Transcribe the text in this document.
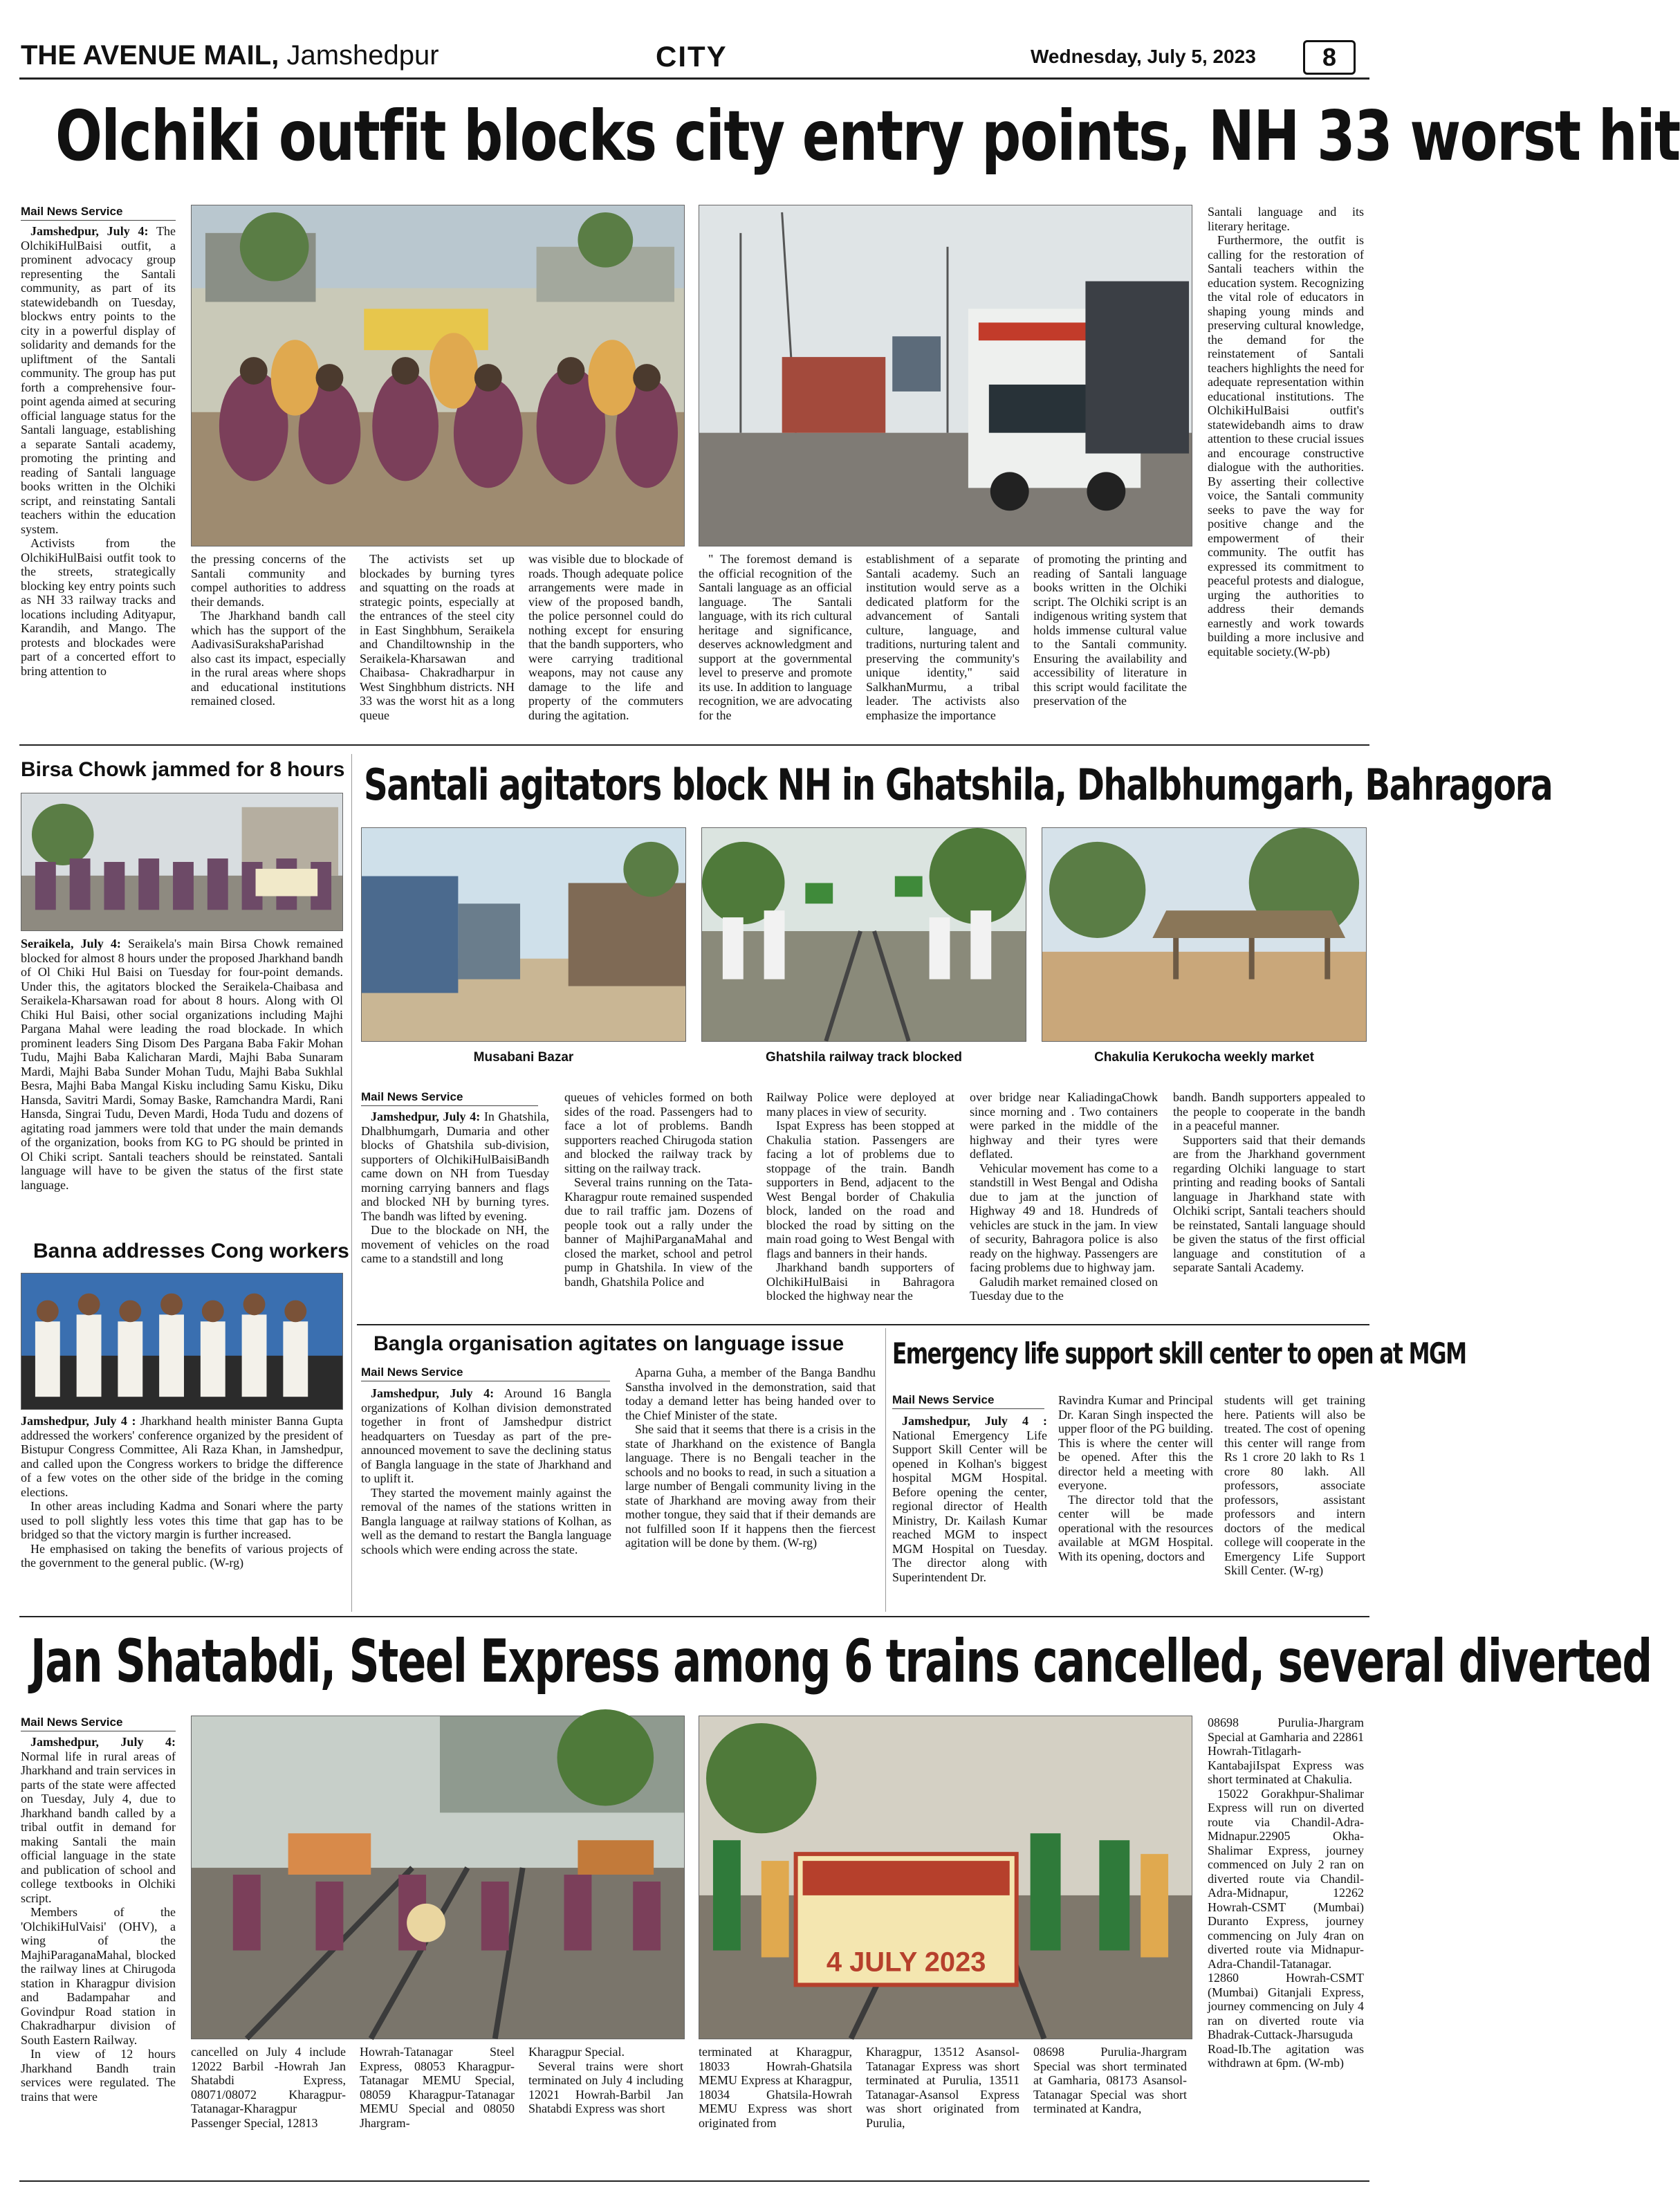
THE AVENUE MAIL, Jamshedpur	CITY	Wednesday, July 5, 2023	8
Olchiki outfit blocks city entry points, NH 33 worst hit
Mail News Service

Jamshedpur, July 4: The OlchikiHulBaisi outfit, a prominent advocacy group representing the Santali community, as part of its statewidebandh on Tuesday, blockws entry points to the city in a powerful display of solidarity and demands for the upliftment of the Santali community. The group has put forth a comprehensive four-point agenda aimed at securing official language status for the Santali language, establishing a separate Santali academy, promoting the printing and reading of Santali language books written in the Olchiki script, and reinstating Santali teachers within the education system.

Activists from the OlchikiHulBaisi outfit took to the streets, strategically blocking key entry points such as NH 33 railway tracks and locations including Adityapur, Karandih, and Mango. The protests and blockades were part of a concerted effort to bring attention to

the pressing concerns of the Santali community and compel authorities to address their demands.

The Jharkhand bandh call which has the support of the AadivasiSurakshaParishad also cast its impact, especially in the rural areas where shops and educational institutions remained closed.

The activists set up blockades by burning tyres and squatting on the roads at strategic points, especially at the entrances of the steel city in East Singhbhum, Seraikela and Chandiltownship in the Seraikela-Kharsawan and Chaibasa- Chakradharpur in West Singhbhum districts. NH 33 was the worst hit as a long queue

was visible due to blockade of roads. Though adequate police arrangements were made in view of the proposed bandh, the police personnel could do nothing except for ensuring that the bandh supporters, who were carrying traditional weapons, may not cause any damage to the life and property of the commuters during the agitation.

" The foremost demand is the official recognition of the Santali language as an official language. The Santali language, with its rich cultural heritage and significance, deserves acknowledgment and support at the governmental level to preserve and promote its use. In addition to language recognition, we are advocating for the

establishment of a separate Santali academy. Such an institution would serve as a dedicated platform for the advancement of Santali culture, language, and traditions, nurturing talent and preserving the community's unique identity," said SalkhanMurmu, a tribal leader. The activists also emphasize the importance

of promoting the printing and reading of Santali language books written in the Olchiki script. The Olchiki script is an indigenous writing system that holds immense cultural value to the Santali community. Ensuring the availability and accessibility of literature in this script would facilitate the preservation of the

Santali language and its literary heritage.

Furthermore, the outfit is calling for the restoration of Santali teachers within the education system. Recognizing the vital role of educators in shaping young minds and preserving cultural knowledge, the demand for the reinstatement of Santali teachers highlights the need for adequate representation within educational institutions. The OlchikiHulBaisi outfit's statewidebandh aims to draw attention to these crucial issues and encourage constructive dialogue with the authorities. By asserting their collective voice, the Santali community seeks to pave the way for positive change and the empowerment of their community. The outfit has expressed its commitment to peaceful protests and dialogue, urging the authorities to address their demands earnestly and work towards building a more inclusive and equitable society.(W-pb)

Birsa Chowk jammed for 8 hours

Seraikela, July 4: Seraikela's main Birsa Chowk remained blocked for almost 8 hours under the proposed Jharkhand bandh of Ol Chiki Hul Baisi on Tuesday for four-point demands. Under this, the agitators blocked the Seraikela-Chaibasa and Seraikela-Kharsawan road for about 8 hours. Along with Ol Chiki Hul Baisi, other social organizations including Majhi Pargana Mahal were leading the road blockade. In which prominent leaders Sing Disom Des Pargana Baba Fakir Mohan Tudu, Majhi Baba Kalicharan Mardi, Majhi Baba Sunaram Mardi, Majhi Baba Sunder Mohan Tudu, Majhi Baba Sukhlal Besra, Majhi Baba Mangal Kisku including Samu Kisku, Diku Hansda, Savitri Mardi, Somay Baske, Ramchandra Mardi, Rani Hansda, Singrai Tudu, Deven Mardi, Hoda Tudu and dozens of agitating road jammers were told that under the main demands of the organization, books from KG to PG should be printed in Ol Chiki script. Santali teachers should be reinstated. Santali language will have to be given the status of the first state language.

Banna addresses Cong workers

Jamshedpur, July 4 : Jharkhand health minister Banna Gupta addressed the workers' conference organized by the president of Bistupur Congress Committee, Ali Raza Khan, in Jamshedpur, and called upon the Congress workers to bridge the difference of a few votes on the other side of the bridge in the coming elections.

In other areas including Kadma and Sonari where the party used to poll slightly less votes this time that gap has to be bridged so that the victory margin is further increased.

He emphasised on taking the benefits of various projects of the government to the general public. (W-rg)

Santali agitators block NH in Ghatshila, Dhalbhumgarh, Bahragora
Musabani Bazar	Ghatshila railway track blocked	Chakulia Kerukocha weekly market
Mail News Service

Jamshedpur, July 4: In Ghatshila, Dhalbhumgarh, Dumaria and other blocks of Ghatshila sub-division, supporters of OlchikiHulBaisiBandh came down on NH from Tuesday morning carrying banners and flags and blocked NH by burning tyres. The bandh was lifted by evening.

Due to the blockade on NH, the movement of vehicles on the road came to a standstill and long

queues of vehicles formed on both sides of the road. Passengers had to face a lot of problems. Bandh supporters reached Chirugoda station and blocked the railway track by sitting on the railway track.

Several trains running on the Tata-Kharagpur route remained suspended due to rail traffic jam. Dozens of people took out a rally under the banner of MajhiParganaMahal and closed the market, school and petrol pump in Ghatshila. In view of the bandh, Ghatshila Police and

Railway Police were deployed at many places in view of security.

Ispat Express has been stopped at Chakulia station. Passengers are facing a lot of problems due to stoppage of the train. Bandh supporters in Bend, adjacent to the West Bengal border of Chakulia block, landed on the road and blocked the road by sitting on the main road going to West Bengal with flags and banners in their hands.

Jharkhand bandh supporters of OlchikiHulBaisi in Bahragora blocked the highway near the

over bridge near KaliadingaChowk since morning and . Two containers were parked in the middle of the highway and their tyres were deflated.

Vehicular movement has come to a standstill in West Bengal and Odisha due to jam at the junction of Highway 49 and 18. Hundreds of vehicles are stuck in the jam. In view of security, Bahragora police is also ready on the highway. Passengers are facing problems due to highway jam.

Galudih market remained closed on Tuesday due to the

bandh. Bandh supporters appealed to the people to cooperate in the bandh in a peaceful manner.

Supporters said that their demands are from the Jharkhand government regarding Olchiki language to start printing and reading books of Santali language in Jharkhand state with Olchiki script, Santali teachers should be reinstated, Santali language should be given the status of the first official language and constitution of a separate Santali Academy.

Bangla organisation agitates on language issue
Mail News Service

Jamshedpur, July 4: Around 16 Bangla organizations of Kolhan division demonstrated together in front of Jamshedpur district headquarters on Tuesday as part of the pre-announced movement to save the declining status of Bangla language in the state of Jharkhand and to uplift it.

They started the movement mainly against the removal of the names of the stations written in Bangla language at railway stations of Kolhan, as well as the demand to restart the Bangla language schools which were ending across the state.

Aparna Guha, a member of the Banga Bandhu Sanstha involved in the demonstration, said that today a demand letter has being handed over to the Chief Minister of the state.

She said that it seems that there is a crisis in the state of Jharkhand on the existence of Bangla language. There is no Bengali teacher in the schools and no books to read, in such a situation a large number of Bengali community living in the state of Jharkhand are moving away from their mother tongue, they said that if their demands are not fulfilled soon If it happens then the fiercest agitation will be done by them. (W-rg)

Emergency life support skill center to open at MGM
Mail News Service

Jamshedpur, July 4 : National Emergency Life Support Skill Center will be opened in Kolhan's biggest hospital MGM Hospital. Before opening the center, regional director of Health Ministry, Dr. Kailash Kumar reached MGM to inspect MGM Hospital on Tuesday. The director along with Superintendent Dr.

Ravindra Kumar and Principal Dr. Karan Singh inspected the upper floor of the PG building. This is where the center will be opened. After this the director held a meeting with everyone.

The director told that the center will be made operational with the resources available at MGM Hospital. With its opening, doctors and

students will get training here. Patients will also be treated. The cost of opening this center will range from Rs 1 crore 20 lakh to Rs 1 crore 80 lakh. All professors, associate professors, assistant professors and intern doctors of the medical college will cooperate in the Emergency Life Support Skill Center. (W-rg)

Jan Shatabdi, Steel Express among 6 trains cancelled, several diverted
Mail News Service

Jamshedpur, July 4: Normal life in rural areas of Jharkhand and train services in parts of the state were affected on Tuesday, July 4, due to Jharkhand bandh called by a tribal outfit in demand for making Santali the main official language in the state and publication of school and college textbooks in Olchiki script.

Members of the 'OlchikiHulVaisi' (OHV), a wing of the MajhiParaganaMahal, blocked the railway lines at Chirugoda station in Kharagpur division and Badampahar and Govindpur Road station in Chakradharpur division of South Eastern Railway.

In view of 12 hours Jharkhand Bandh train services were regulated. The trains that were

cancelled on July 4 include 12022 Barbil -Howrah Jan Shatabdi Express, 08071/08072 Kharagpur-Tatanagar-Kharagpur Passenger Special, 12813

Howrah-Tatanagar Steel Express, 08053 Kharagpur-Tatanagar MEMU Special, 08059 Kharagpur-Tatanagar MEMU Special and 08050 Jhargram-

Kharagpur Special.

Several trains were short terminated on July 4 including 12021 Howrah-Barbil Jan Shatabdi Express was short

4 JULY 2023

terminated at Kharagpur, 18033 Howrah-Ghatsila MEMU Express at Kharagpur, 18034 Ghatsila-Howrah MEMU Express was short originated from

Kharagpur, 13512 Asansol-Tatanagar Express was short terminated at Purulia, 13511 Tatanagar-Asansol Express was short originated from Purulia,

08698 Purulia-Jhargram Special was short terminated at Gamharia, 08173 Asansol-Tatanagar Special was short terminated at Kandra,

08698 Purulia-Jhargram Special at Gamharia and 22861 Howrah-Titlagarh-KantabajiIspat Express was short terminated at Chakulia.

15022 Gorakhpur-Shalimar Express will run on diverted route via Chandil-Adra-Midnapur.22905 Okha-Shalimar Express, journey commenced on July 2 ran on diverted route via Chandil-Adra-Midnapur, 12262 Howrah-CSMT (Mumbai) Duranto Express, journey commencing on July 4ran on diverted route via Midnapur-Adra-Chandil-Tatanagar. 12860 Howrah-CSMT (Mumbai) Gitanjali Express, journey commencing on July 4 ran on diverted route via Bhadrak-Cuttack-Jharsuguda Road-Ib.The agitation was withdrawn at 6pm. (W-mb)
